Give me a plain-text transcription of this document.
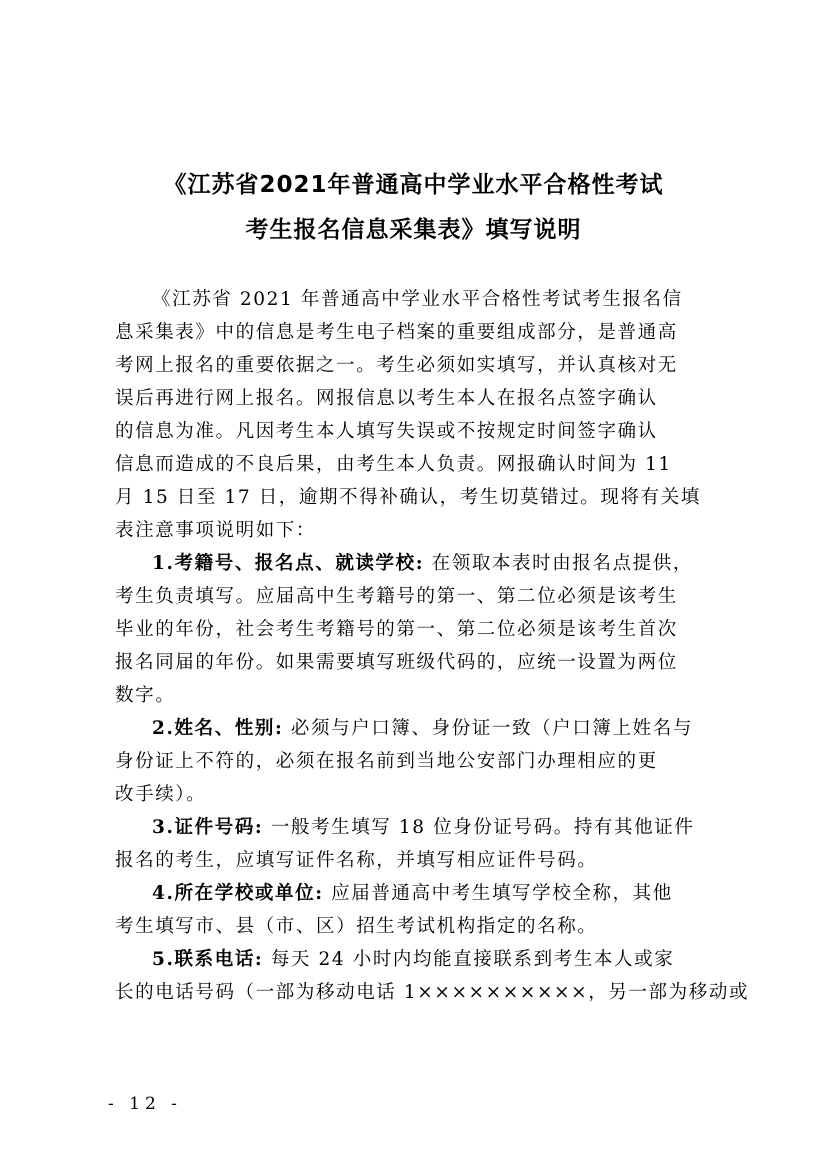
《江苏省2021年普通高中学业水平合格性考试
考生报名信息采集表》填写说明
《江苏省 2021 年普通高中学业水平合格性考试考生报名信
息采集表》中的信息是考生电子档案的重要组成部分，是普通高
考网上报名的重要依据之一。考生必须如实填写，并认真核对无
误后再进行网上报名。网报信息以考生本人在报名点签字确认
的信息为准。凡因考生本人填写失误或不按规定时间签字确认
信息而造成的不良后果，由考生本人负责。网报确认时间为 11
月 15 日至 17 日，逾期不得补确认，考生切莫错过。现将有关填
表注意事项说明如下：
1.考籍号、报名点、就读学校: 在领取本表时由报名点提供，
考生负责填写。应届高中生考籍号的第一、第二位必须是该考生
毕业的年份，社会考生考籍号的第一、第二位必须是该考生首次
报名同届的年份。如果需要填写班级代码的，应统一设置为两位
数字。
2.姓名、性别: 必须与户口簿、身份证一致（户口簿上姓名与
身份证上不符的，必须在报名前到当地公安部门办理相应的更
改手续）。
3.证件号码: 一般考生填写 18 位身份证号码。持有其他证件
报名的考生，应填写证件名称，并填写相应证件号码。
4.所在学校或单位: 应届普通高中考生填写学校全称，其他
考生填写市、县（市、区）招生考试机构指定的名称。
5.联系电话: 每天 24 小时内均能直接联系到考生本人或家
长的电话号码（一部为移动电话 1××××××××××，另一部为移动或
- 12 -
